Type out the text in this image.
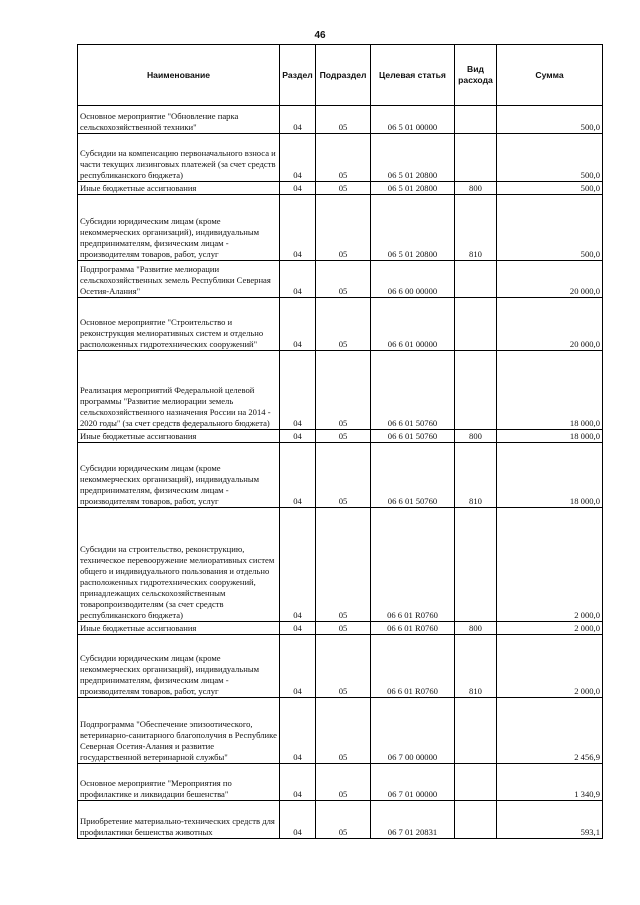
46
Наименование	Раздел	Подраздел	Целевая статья	Вид расхода	Сумма
Основное мероприятие "Обновление парка сельскохозяйственной техники"	04	05	06 5 01 00000		500,0
Субсидии на компенсацию первоначального взноса и части текущих лизинговых платежей (за счет средств республиканского бюджета)	04	05	06 5 01 20800		500,0
Иные бюджетные ассигнования	04	05	06 5 01 20800	800	500,0
Субсидии юридическим лицам (кроме некоммерческих организаций), индивидуальным предпринимателям, физическим лицам - производителям товаров, работ, услуг	04	05	06 5 01 20800	810	500,0
Подпрограмма "Развитие мелиорации сельскохозяйственных земель Республики Северная Осетия-Алания"	04	05	06 6 00 00000		20 000,0
Основное мероприятие "Строительство и реконструкция мелиоративных систем и отдельно расположенных гидротехнических сооружений"	04	05	06 6 01 00000		20 000,0
Реализация мероприятий Федеральной целевой программы "Развитие мелиорации земель сельскохозяйственного назначения России на 2014 - 2020 годы" (за счет средств федерального бюджета)	04	05	06 6 01 50760		18 000,0
Иные бюджетные ассигнования	04	05	06 6 01 50760	800	18 000,0
Субсидии юридическим лицам (кроме некоммерческих организаций), индивидуальным предпринимателям, физическим лицам - производителям товаров, работ, услуг	04	05	06 6 01 50760	810	18 000,0
Субсидии на строительство, реконструкцию, техническое перевооружение мелиоративных систем общего и индивидуального пользования и отдельно расположенных гидротехнических сооружений, принадлежащих сельскохозяйственным товаропроизводителям (за счет средств республиканского бюджета)	04	05	06 6 01 R0760		2 000,0
Иные бюджетные ассигнования	04	05	06 6 01 R0760	800	2 000,0
Субсидии юридическим лицам (кроме некоммерческих организаций), индивидуальным предпринимателям, физическим лицам - производителям товаров, работ, услуг	04	05	06 6 01 R0760	810	2 000,0
Подпрограмма "Обеспечение эпизоотического, ветеринарно-санитарного благополучия в Республике Северная Осетия-Алания и развитие государственной ветеринарной службы"	04	05	06 7 00 00000		2 456,9
Основное мероприятие "Мероприятия по профилактике и ликвидации бешенства"	04	05	06 7 01 00000		1 340,9
Приобретение материально-технических средств для профилактики бешенства животных	04	05	06 7 01 20831		593,1
